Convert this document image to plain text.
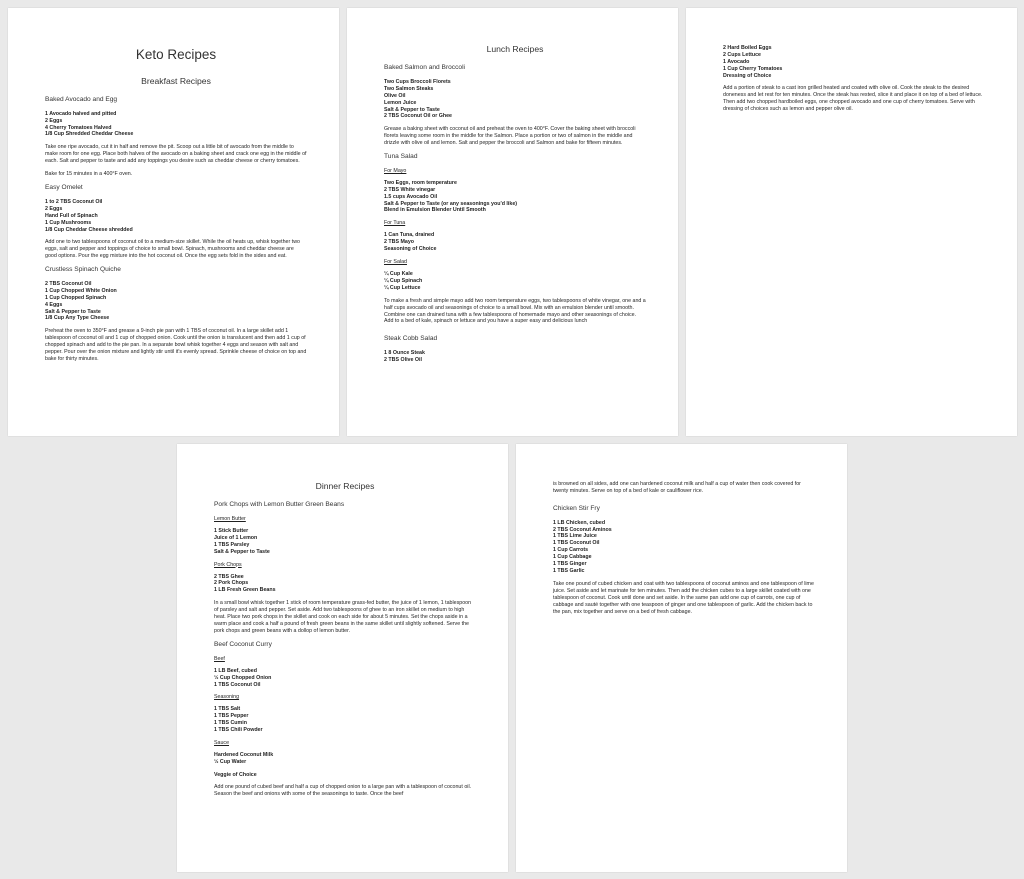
Keto Recipes
Breakfast Recipes
Baked Avocado and Egg
1 Avocado halved and pitted
2 Eggs
4 Cherry Tomatoes Halved
1/8 Cup Shredded Cheddar Cheese
Take one ripe avocado, cut it in half and remove the pit. Scoop out a little bit of avocado from the middle to make room for one egg. Place both halves of the avocado on a baking sheet and crack one egg in the middle of each. Salt and pepper to taste and add any toppings you desire such as cheddar cheese or cherry tomatoes.
Bake for 15 minutes in a 400°F oven.
Easy Omelet
1 to 2 TBS Coconut Oil
2 Eggs
Hand Full of Spinach
1 Cup Mushrooms
1/8 Cup Cheddar Cheese shredded
Add one to two tablespoons of coconut oil to a medium-size skillet. While the oil heats up, whisk together two eggs, salt and pepper and toppings of choice to small bowl. Spinach, mushrooms and cheddar cheese are good options. Pour the egg mixture into the hot coconut oil. Once the egg sets fold in the sides and eat.
Crustless Spinach Quiche
2 TBS Coconut Oil
1 Cup Chopped White Onion
1 Cup Chopped Spinach
4 Eggs
Salt & Pepper to Taste
1/8 Cup Any Type Cheese
Preheat the oven to 350°F and grease a 9-inch pie pan with 1 TBS of coconut oil. In a large skillet add 1 tablespoon of coconut oil and 1 cup of chopped onion. Cook until the onion is translucent and then add 1 cup of chopped spinach and add to the pie pan. In a separate bowl whisk together 4 eggs and season with salt and pepper. Pour over the onion mixture and lightly stir until it's evenly spread. Sprinkle cheese of choice on top and bake for thirty minutes.
Lunch Recipes
Baked Salmon and Broccoli
Two Cups Broccoli Florets
Two Salmon Steaks
Olive Oil
Lemon Juice
Salt & Pepper to Taste
2 TBS Coconut Oil or Ghee
Grease a baking sheet with coconut oil and preheat the oven to 400°F. Cover the baking sheet with broccoli florets leaving some room in the middle for the Salmon. Place a portion or two of salmon in the middle and drizzle with olive oil and lemon. Salt and pepper the broccoli and Salmon and bake for fifteen minutes.
Tuna Salad
For Mayo
Two Eggs, room temperature
2 TBS White vinegar
1.5 cups Avocado Oil
Salt & Pepper to Taste (or any seasonings you'd like)
Blend in Emulsion Blender Until Smooth
For Tuna
1 Can Tuna, drained
2 TBS Mayo
Seasoning of Choice
For Salad
¼ Cup Kale
¼ Cup Spinach
¼ Cup Lettuce
To make a fresh and simple mayo add two room temperature eggs, two tablespoons of white vinegar, one and a half cups avocado oil and seasonings of choice to a small bowl. Mix with an emulsion blender until smooth. Combine one can drained tuna with a few tablespoons of homemade mayo and other seasonings of choice. Add to a bed of kale, spinach or lettuce and you have a super easy and delicious lunch
Steak Cobb Salad
1 8 Ounce Steak
2 TBS Olive Oil
2 Hard Boiled Eggs
2 Cups Lettuce
1 Avocado
1 Cup Cherry Tomatoes
Dressing of Choice
Add a portion of steak to a cast iron grilled heated and coated with olive oil. Cook the steak to the desired doneness and let rest for ten minutes. Once the steak has rested, slice it and place it on top of a bed of lettuce. Then add two chopped hardboiled eggs, one chopped avocado and one cup of cherry tomatoes. Serve with dressing of choices such as lemon and pepper olive oil.
Dinner Recipes
Pork Chops with Lemon Butter Green Beans
Lemon Butter
1 Stick Butter
Juice of 1 Lemon
1 TBS Parsley
Salt & Pepper to Taste
Pork Chops
2 TBS Ghee
2 Pork Chops
1 LB Fresh Green Beans
In a small bowl whisk together 1 stick of room temperature grass-fed butter, the juice of 1 lemon, 1 tablespoon of parsley and salt and pepper. Set aside. Add two tablespoons of ghee to an iron skillet on medium to high heat. Place two pork chops in the skillet and cook on each side for about 5 minutes. Set the chops aside in a warm place and cook a half a pound of fresh green beans in the same skillet until slightly softened. Serve the pork chops and green beans with a dollop of lemon butter.
Beef Coconut Curry
Beef
1 LB Beef, cubed
½ Cup Chopped Onion
1 TBS Coconut Oil
Seasoning
1 TBS Salt
1 TBS Pepper
1 TBS Cumin
1 TBS Chili Powder
Sauce
Hardened Coconut Milk
½ Cup Water
Veggie of Choice
Add one pound of cubed beef and half a cup of chopped onion to a large pan with a tablespoon of coconut oil. Season the beef and onions with some of the seasonings to taste. Once the beef
is browned on all sides, add one can hardened coconut milk and half a cup of water then cook covered for twenty minutes. Serve on top of a bed of kale or cauliflower rice.
Chicken Stir Fry
1 LB Chicken, cubed
2 TBS Coconut Aminos
1 TBS Lime Juice
1 TBS Coconut Oil
1 Cup Carrots
1 Cup Cabbage
1 TBS Ginger
1 TBS Garlic
Take one pound of cubed chicken and coat with two tablespoons of coconut aminos and one tablespoon of lime juice. Set aside and let marinate for ten minutes. Then add the chicken cubes to a large skillet coated with one tablespoon of coconut. Cook until done and set aside. In the same pan add one cup of carrots, one cup of cabbage and sauté together with one teaspoon of ginger and one tablespoon of garlic. Add the chicken back to the pan, mix together and serve on a bed of fresh cabbage.
